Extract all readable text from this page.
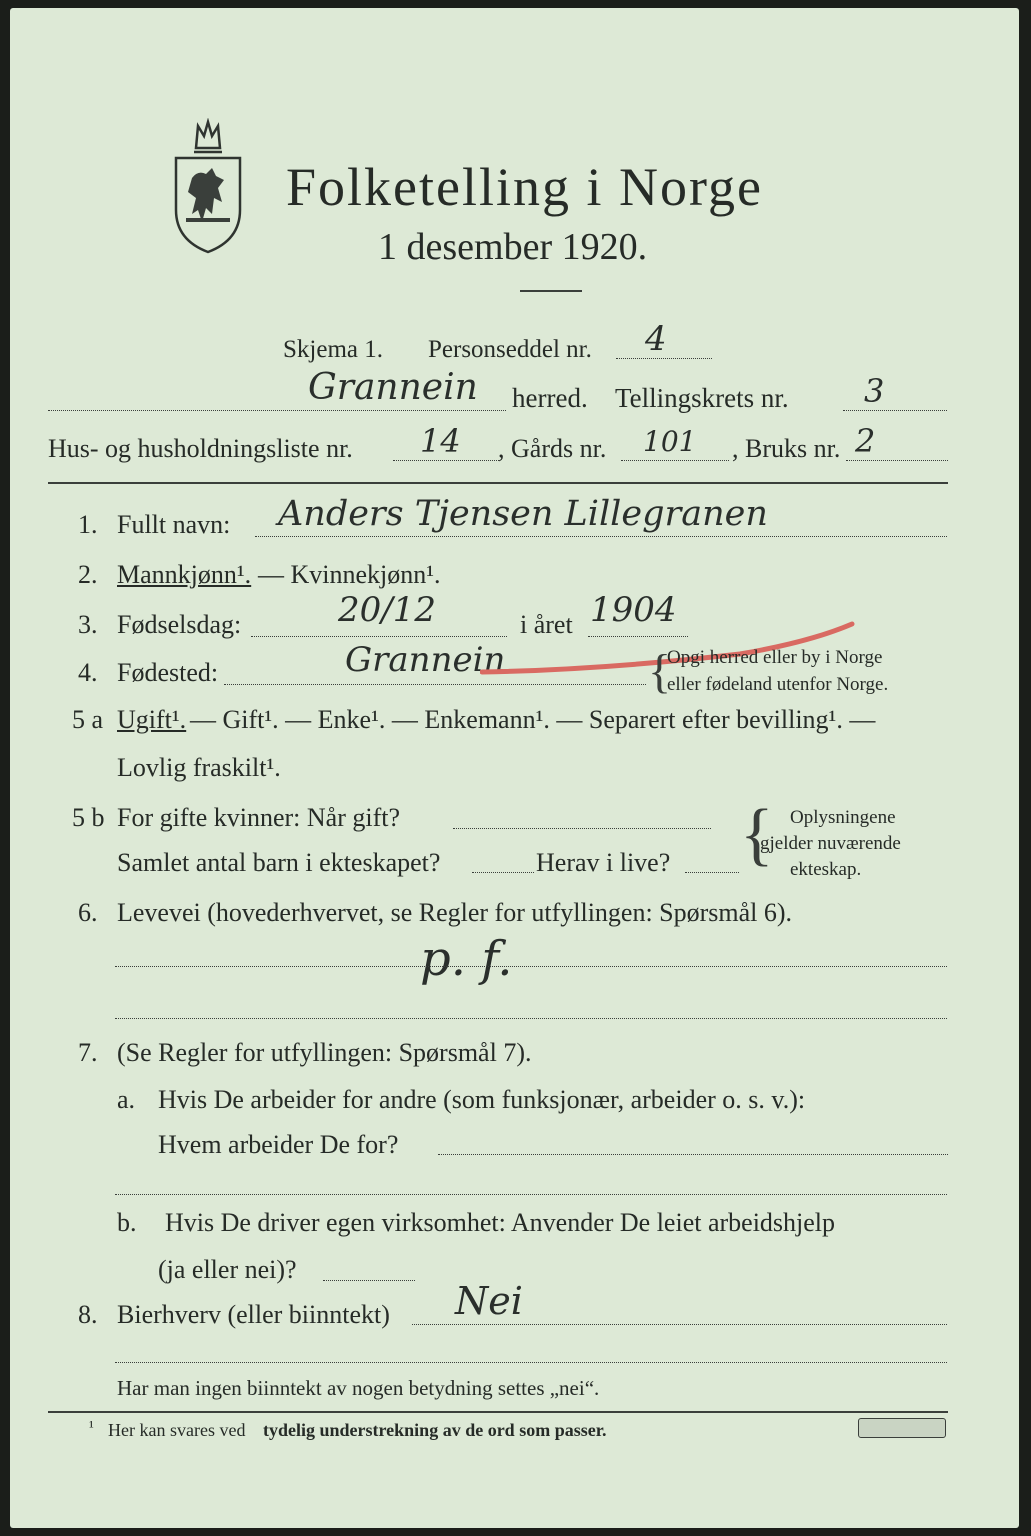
Folketelling i Norge
1 desember 1920.
Skjema 1. Personseddel nr. 4
Grannein herred. Tellingskrets nr. 3
Hus- og husholdningsliste nr. 14 , Gårds nr. 101 , Bruks nr. 2
1. Fullt navn: Anders Tjensen Lillegranen
2. Mannkjønn¹. — Kvinnekjønn¹.
3. Fødselsdag:	20/12	i året 1904
4. Fødested:	Grannein	{
Opgi herred eller by i Norge
eller fødeland utenfor Norge.
5 a Ugift¹. — Gift¹. — Enke¹. — Enkemann¹. — Separert efter bevilling¹. —
Lovlig fraskilt¹.
5 b For gifte kvinner: Når gift?
Samlet antal barn i ekteskapet?	Herav i live? { Oplysningene
gjelder nuværende
ekteskap.
6. Levevei (hovederhvervet, se Regler for utfyllingen: Spørsmål 6).
p. f.
7. (Se Regler for utfyllingen: Spørsmål 7).
a. Hvis De arbeider for andre (som funksjonær, arbeider o. s. v.):
Hvem arbeider De for?
b. Hvis De driver egen virksomhet: Anvender De leiet arbeidshjelp
(ja eller nei)?
8. Bierhverv (eller biinntekt) Nei
Har man ingen biinntekt av nogen betydning settes „nei“.
¹ Her kan svares ved tydelig understrekning av de ord som passer.
